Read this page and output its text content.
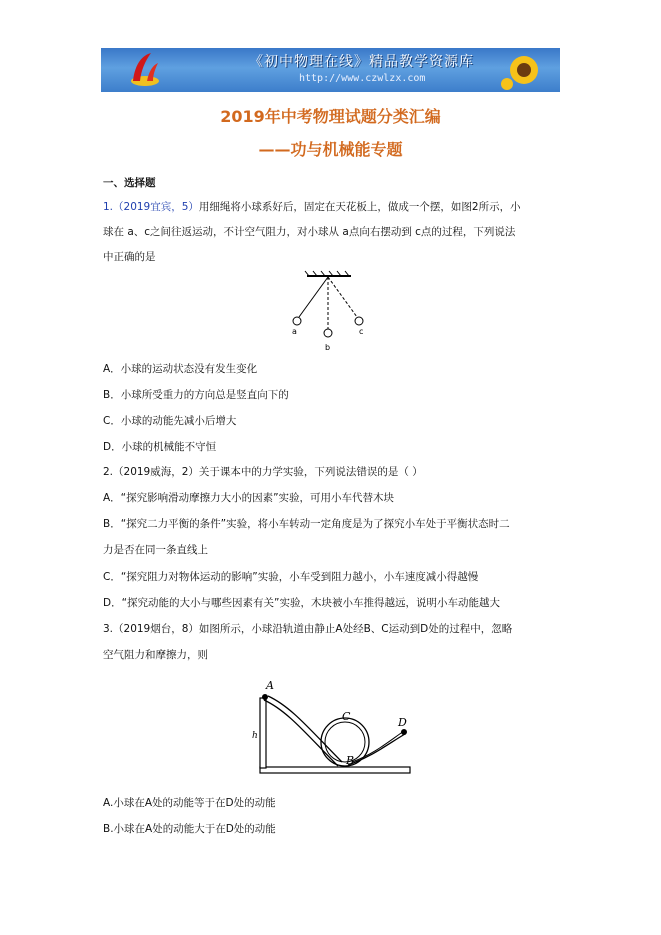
《初中物理在线》精品教学资源库
http://www.czwlzx.com
2019年中考物理试题分类汇编
——功与机械能专题
一、选择题
1.（2019宜宾，5）用细绳将小球系好后，固定在天花板上，做成一个摆，如图2所示，小
球在 a、c之间往返运动，不计空气阻力，对小球从 a点向右摆动到 c点的过程，下列说法
中正确的是
a
b
c
A．小球的运动状态没有发生变化
B．小球所受重力的方向总是竖直向下的
C．小球的动能先减小后增大
D．小球的机械能不守恒
2.（2019威海，2）关于课本中的力学实验，下列说法错误的是（ ）
A．“探究影响滑动摩擦力大小的因素”实验，可用小车代替木块
B．“探究二力平衡的条件”实验，将小车转动一定角度是为了探究小车处于平衡状态时二
力是否在同一条直线上
C．“探究阻力对物体运动的影响”实验，小车受到阻力越小，小车速度减小得越慢
D．“探究动能的大小与哪些因素有关”实验，木块被小车推得越远，说明小车动能越大
3.（2019烟台，8）如图所示，小球沿轨道由静止A处经B、C运动到D处的过程中，忽略
空气阻力和摩擦力，则
A
C
B
D
h
A.小球在A处的动能等于在D处的动能
B.小球在A处的动能大于在D处的动能
